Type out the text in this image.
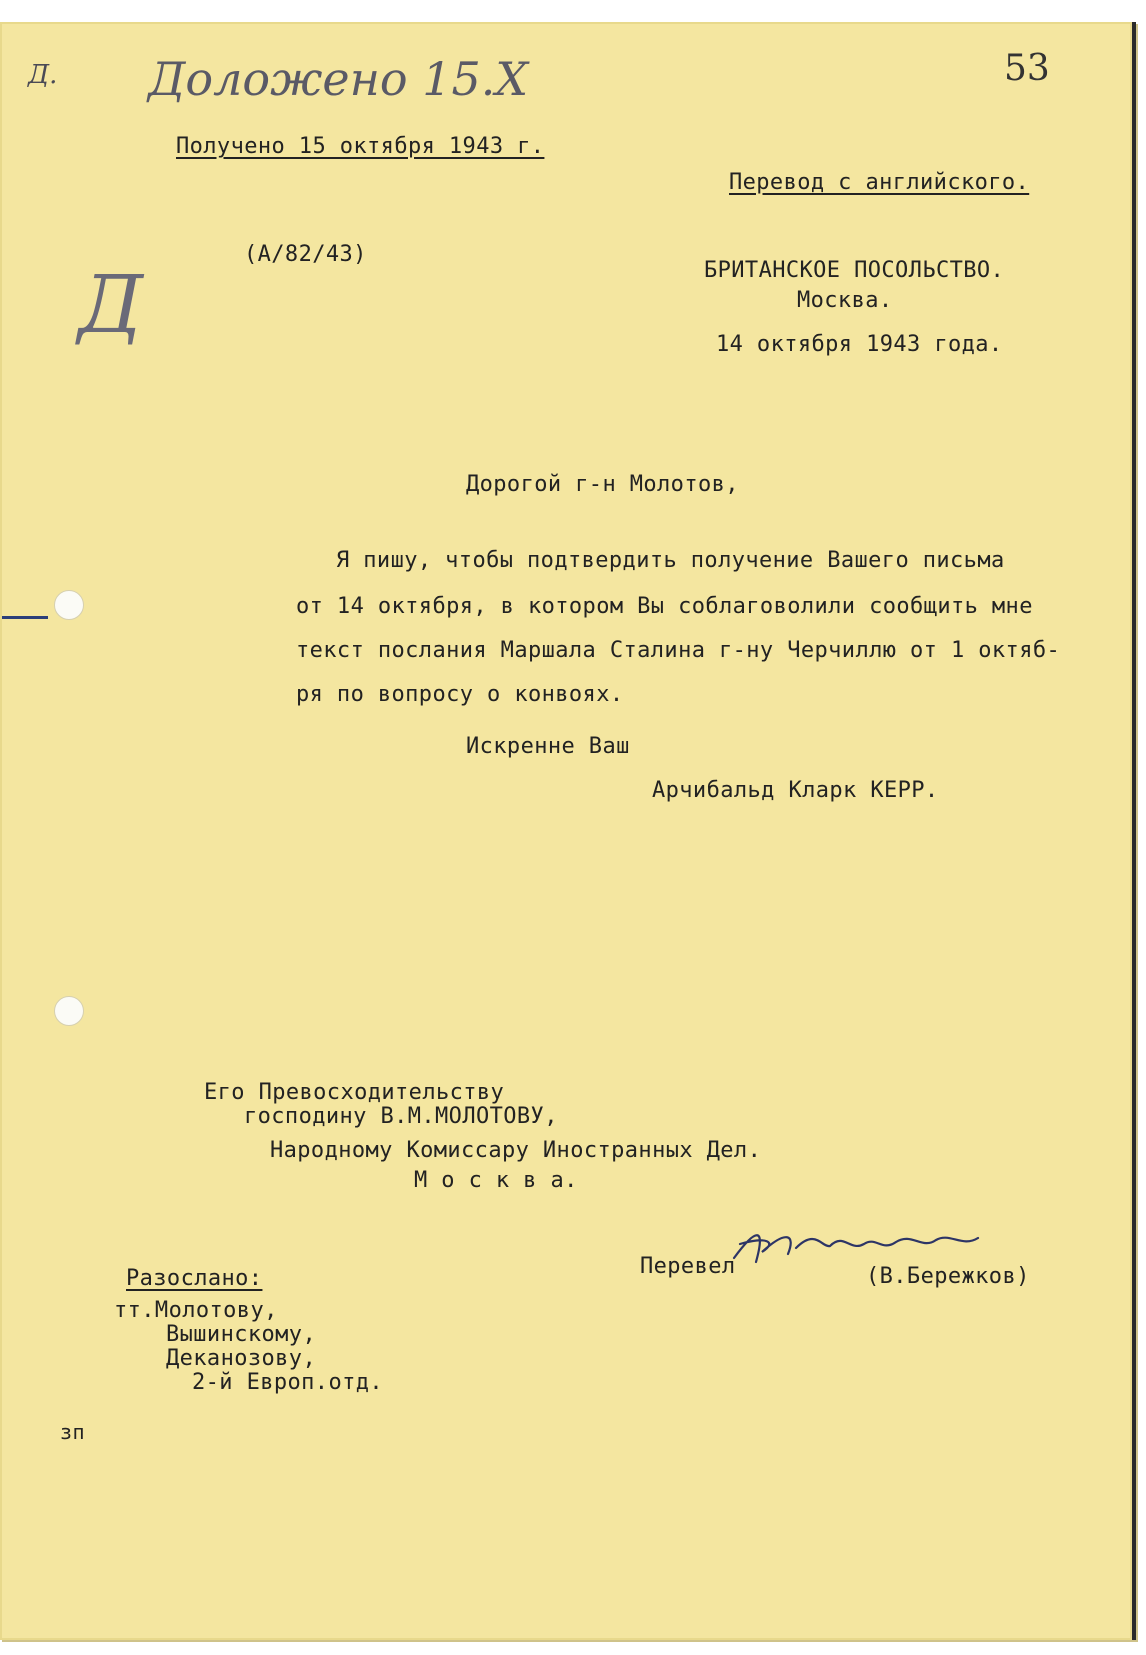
Д. Доложено 15.X	53
Д
Получено 15 октября 1943 г.
Перевод с английского.
(А/82/43)
БРИТАНСКОЕ ПОСОЛЬСТВО.
Москва.
14 октября 1943 года.
Дорогой г-н Молотов,
Я пишу, чтобы подтвердить получение Вашего письма
от 14 октября, в котором Вы соблаговолили сообщить мне
текст послания Маршала Сталина г-ну Черчиллю от 1 октяб-
ря по вопросу о конвоях.
Искренне Ваш
Арчибальд Кларк КЕРР.
Его Превосходительству
господину В.М.МОЛОТОВУ,
Народному Комиссару Иностранных Дел.
М о с к в а.
Перевел	(В.Бережков)
Разослано:
тт.Молотову,
Вышинскому,
Деканозову,
2-й Европ.отд.
зп
